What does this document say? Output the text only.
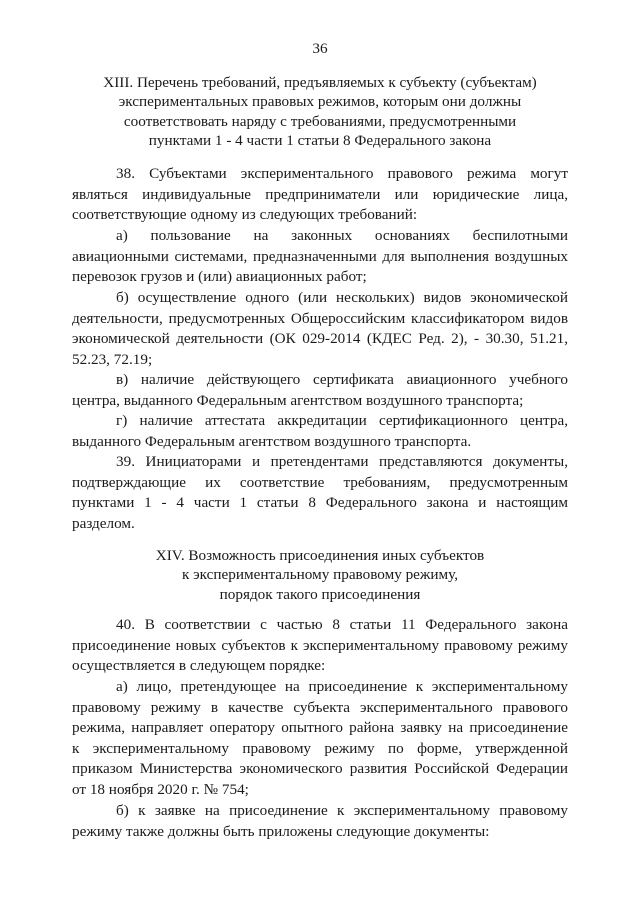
36
XIII. Перечень требований, предъявляемых к субъекту (субъектам)
экспериментальных правовых режимов, которым они должны
соответствовать наряду с требованиями, предусмотренными
пунктами 1 - 4 части 1 статьи 8 Федерального закона
38. Субъектами экспериментального правового режима могут
являться индивидуальные предприниматели или юридические лица,
соответствующие одному из следующих требований:
а) пользование на законных основаниях беспилотными
авиационными системами, предназначенными для выполнения воздушных
перевозок грузов и (или) авиационных работ;
б) осуществление одного (или нескольких) видов экономической
деятельности, предусмотренных Общероссийским классификатором видов
экономической деятельности (ОК 029-2014 (КДЕС Ред. 2), - 30.30, 51.21,
52.23, 72.19;
в) наличие действующего сертификата авиационного учебного
центра, выданного Федеральным агентством воздушного транспорта;
г) наличие аттестата аккредитации сертификационного центра,
выданного Федеральным агентством воздушного транспорта.
39. Инициаторами и претендентами представляются документы,
подтверждающие их соответствие требованиям, предусмотренным
пунктами 1 - 4 части 1 статьи 8 Федерального закона и настоящим
разделом.
XIV. Возможность присоединения иных субъектов
к экспериментальному правовому режиму,
порядок такого присоединения
40. В соответствии с частью 8 статьи 11 Федерального закона
присоединение новых субъектов к экспериментальному правовому режиму
осуществляется в следующем порядке:
а) лицо, претендующее на присоединение к экспериментальному
правовому режиму в качестве субъекта экспериментального правового
режима, направляет оператору опытного района заявку на присоединение
к экспериментальному правовому режиму по форме, утвержденной
приказом Министерства экономического развития Российской Федерации
от 18 ноября 2020 г. № 754;
б) к заявке на присоединение к экспериментальному правовому
режиму также должны быть приложены следующие документы:
